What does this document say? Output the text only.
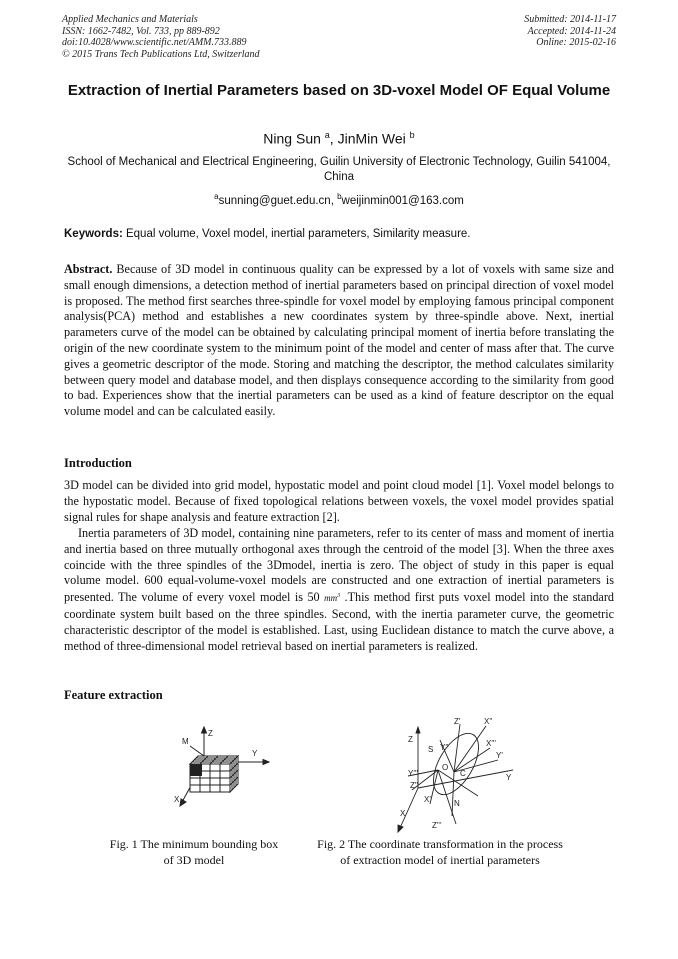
Applied Mechanics and Materials
ISSN: 1662-7482, Vol. 733, pp 889-892
doi:10.4028/www.scientific.net/AMM.733.889
© 2015 Trans Tech Publications Ltd, Switzerland
Submitted: 2014-11-17
Accepted: 2014-11-24
Online: 2015-02-16
Extraction of Inertial Parameters based on 3D-voxel Model OF Equal Volume
Ning Sun $^a$, JinMin Wei $^b$
School of Mechanical and Electrical Engineering, Guilin University of Electronic Technology, Guilin 541004, China
$^a$sunning@guet.edu.cn, $^b$weijinmin001@163.com
Keywords: Equal volume, Voxel model, inertial parameters, Similarity measure.
Abstract. Because of 3D model in continuous quality can be expressed by a lot of voxels with same size and small enough dimensions, a detection method of inertial parameters based on principal direction of voxel model is proposed. The method first searches three-spindle for voxel model by employing famous principal component analysis(PCA) method and establishes a new coordinates system by three-spindle above. Next, inertial parameters curve of the model can be obtained by calculating principal moment of inertia before translating the origin of the new coordinate system to the minimum point of the model and center of mass after that. The curve gives a geometric descriptor of the mode. Storing and matching the descriptor, the method calculates similarity between query model and database model, and then displays consequence according to the similarity from good to bad. Experiences show that the inertial parameters can be used as a kind of feature descriptor on the equal volume model and can be calculated easily.
Introduction
3D model can be divided into grid model, hypostatic model and point cloud model [1]. Voxel model belongs to the hypostatic model. Because of fixed topological relations between voxels, the voxel model provides spatial signal rules for shape analysis and feature extraction [2].
Inertia parameters of 3D model, containing nine parameters, refer to its center of mass and moment of inertia and inertia based on three mutually orthogonal axes through the centroid of the model [3]. When the three axes coincide with the three spindles of the 3Dmodel, inertia is zero. The object of study in this paper is equal volume model. 600 equal-volume-voxel models are constructed and one extraction of inertial parameters is presented. The volume of every voxel model is 50 $mm^3$ .This method first puts voxel model into the standard coordinate system built based on the three spindles. Second, with the inertia parameter curve, the geometric characteristic descriptor of the model is established. Last, using Euclidean distance to match the curve above, a method of three-dimensional model retrieval based on inertial parameters is realized.
Feature extraction
M
Z
Y
X
Z
Z'	X''
X'''
S Y''
Y'''
O
C
Y'
Y
Z''
X'	N
X
Z'''
Fig. 1 The minimum bounding box
of 3D model
Fig. 2 The coordinate transformation in the process
of extraction model of inertial parameters
